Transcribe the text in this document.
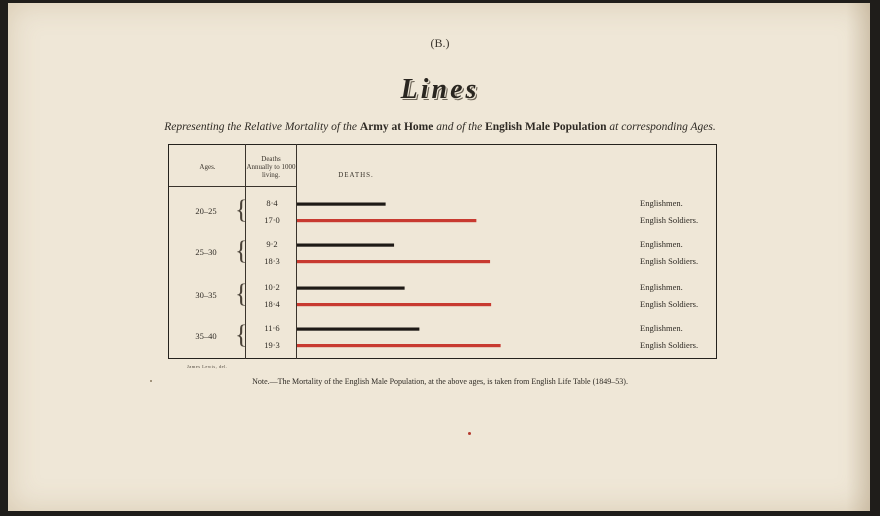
(B.)
Lines
Representing the Relative Mortality of the Army at Home and of the English Male Population at corresponding Ages.
Ages.
Deaths
Annually to 1000
living.	DEATHS.
James Lewis, del.
Note.—The Mortality of the English Male Population, at the above ages, is taken from English Life Table (1849–53).
20–25 {	8·4	Englishmen.
17·0	English Soldiers.
25–30 {	9·2	Englishmen.
18·3	English Soldiers.
30–35 {	10·2	Englishmen.
18·4	English Soldiers.
35–40 {	11·6	Englishmen.
19·3	English Soldiers.
